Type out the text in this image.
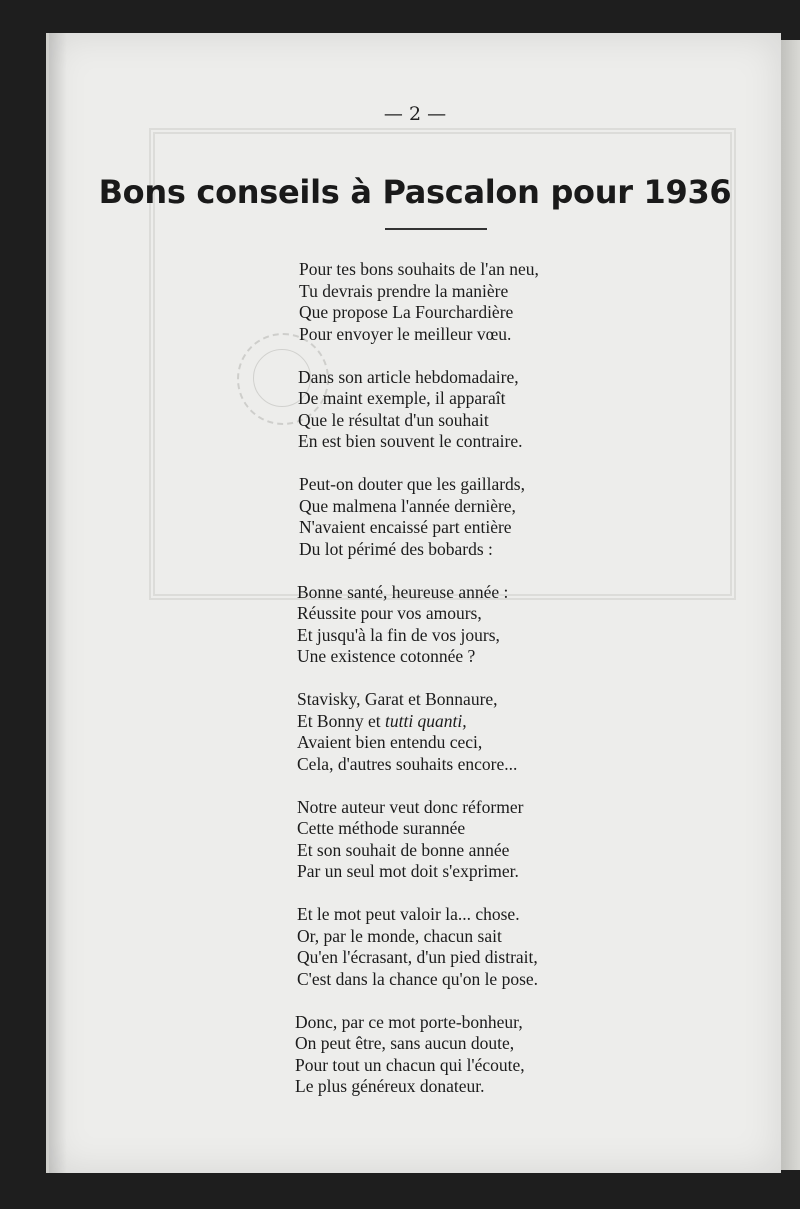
— 2 —
Bons conseils à Pascalon pour 1936
Pour tes bons souhaits de l'an neu,
Tu devrais prendre la manière
Que propose La Fourchardière
Pour envoyer le meilleur vœu.
Dans son article hebdomadaire,
De maint exemple, il apparaît
Que le résultat d'un souhait
En est bien souvent le contraire.
Peut-on douter que les gaillards,
Que malmena l'année dernière,
N'avaient encaissé part entière
Du lot périmé des bobards :
Bonne santé, heureuse année :
Réussite pour vos amours,
Et jusqu'à la fin de vos jours,
Une existence cotonnée ?
Stavisky, Garat et Bonnaure,
Et Bonny et tutti quanti,
Avaient bien entendu ceci,
Cela, d'autres souhaits encore...
Notre auteur veut donc réformer
Cette méthode surannée
Et son souhait de bonne année
Par un seul mot doit s'exprimer.
Et le mot peut valoir la... chose.
Or, par le monde, chacun sait
Qu'en l'écrasant, d'un pied distrait,
C'est dans la chance qu'on le pose.
Donc, par ce mot porte-bonheur,
On peut être, sans aucun doute,
Pour tout un chacun qui l'écoute,
Le plus généreux donateur.
